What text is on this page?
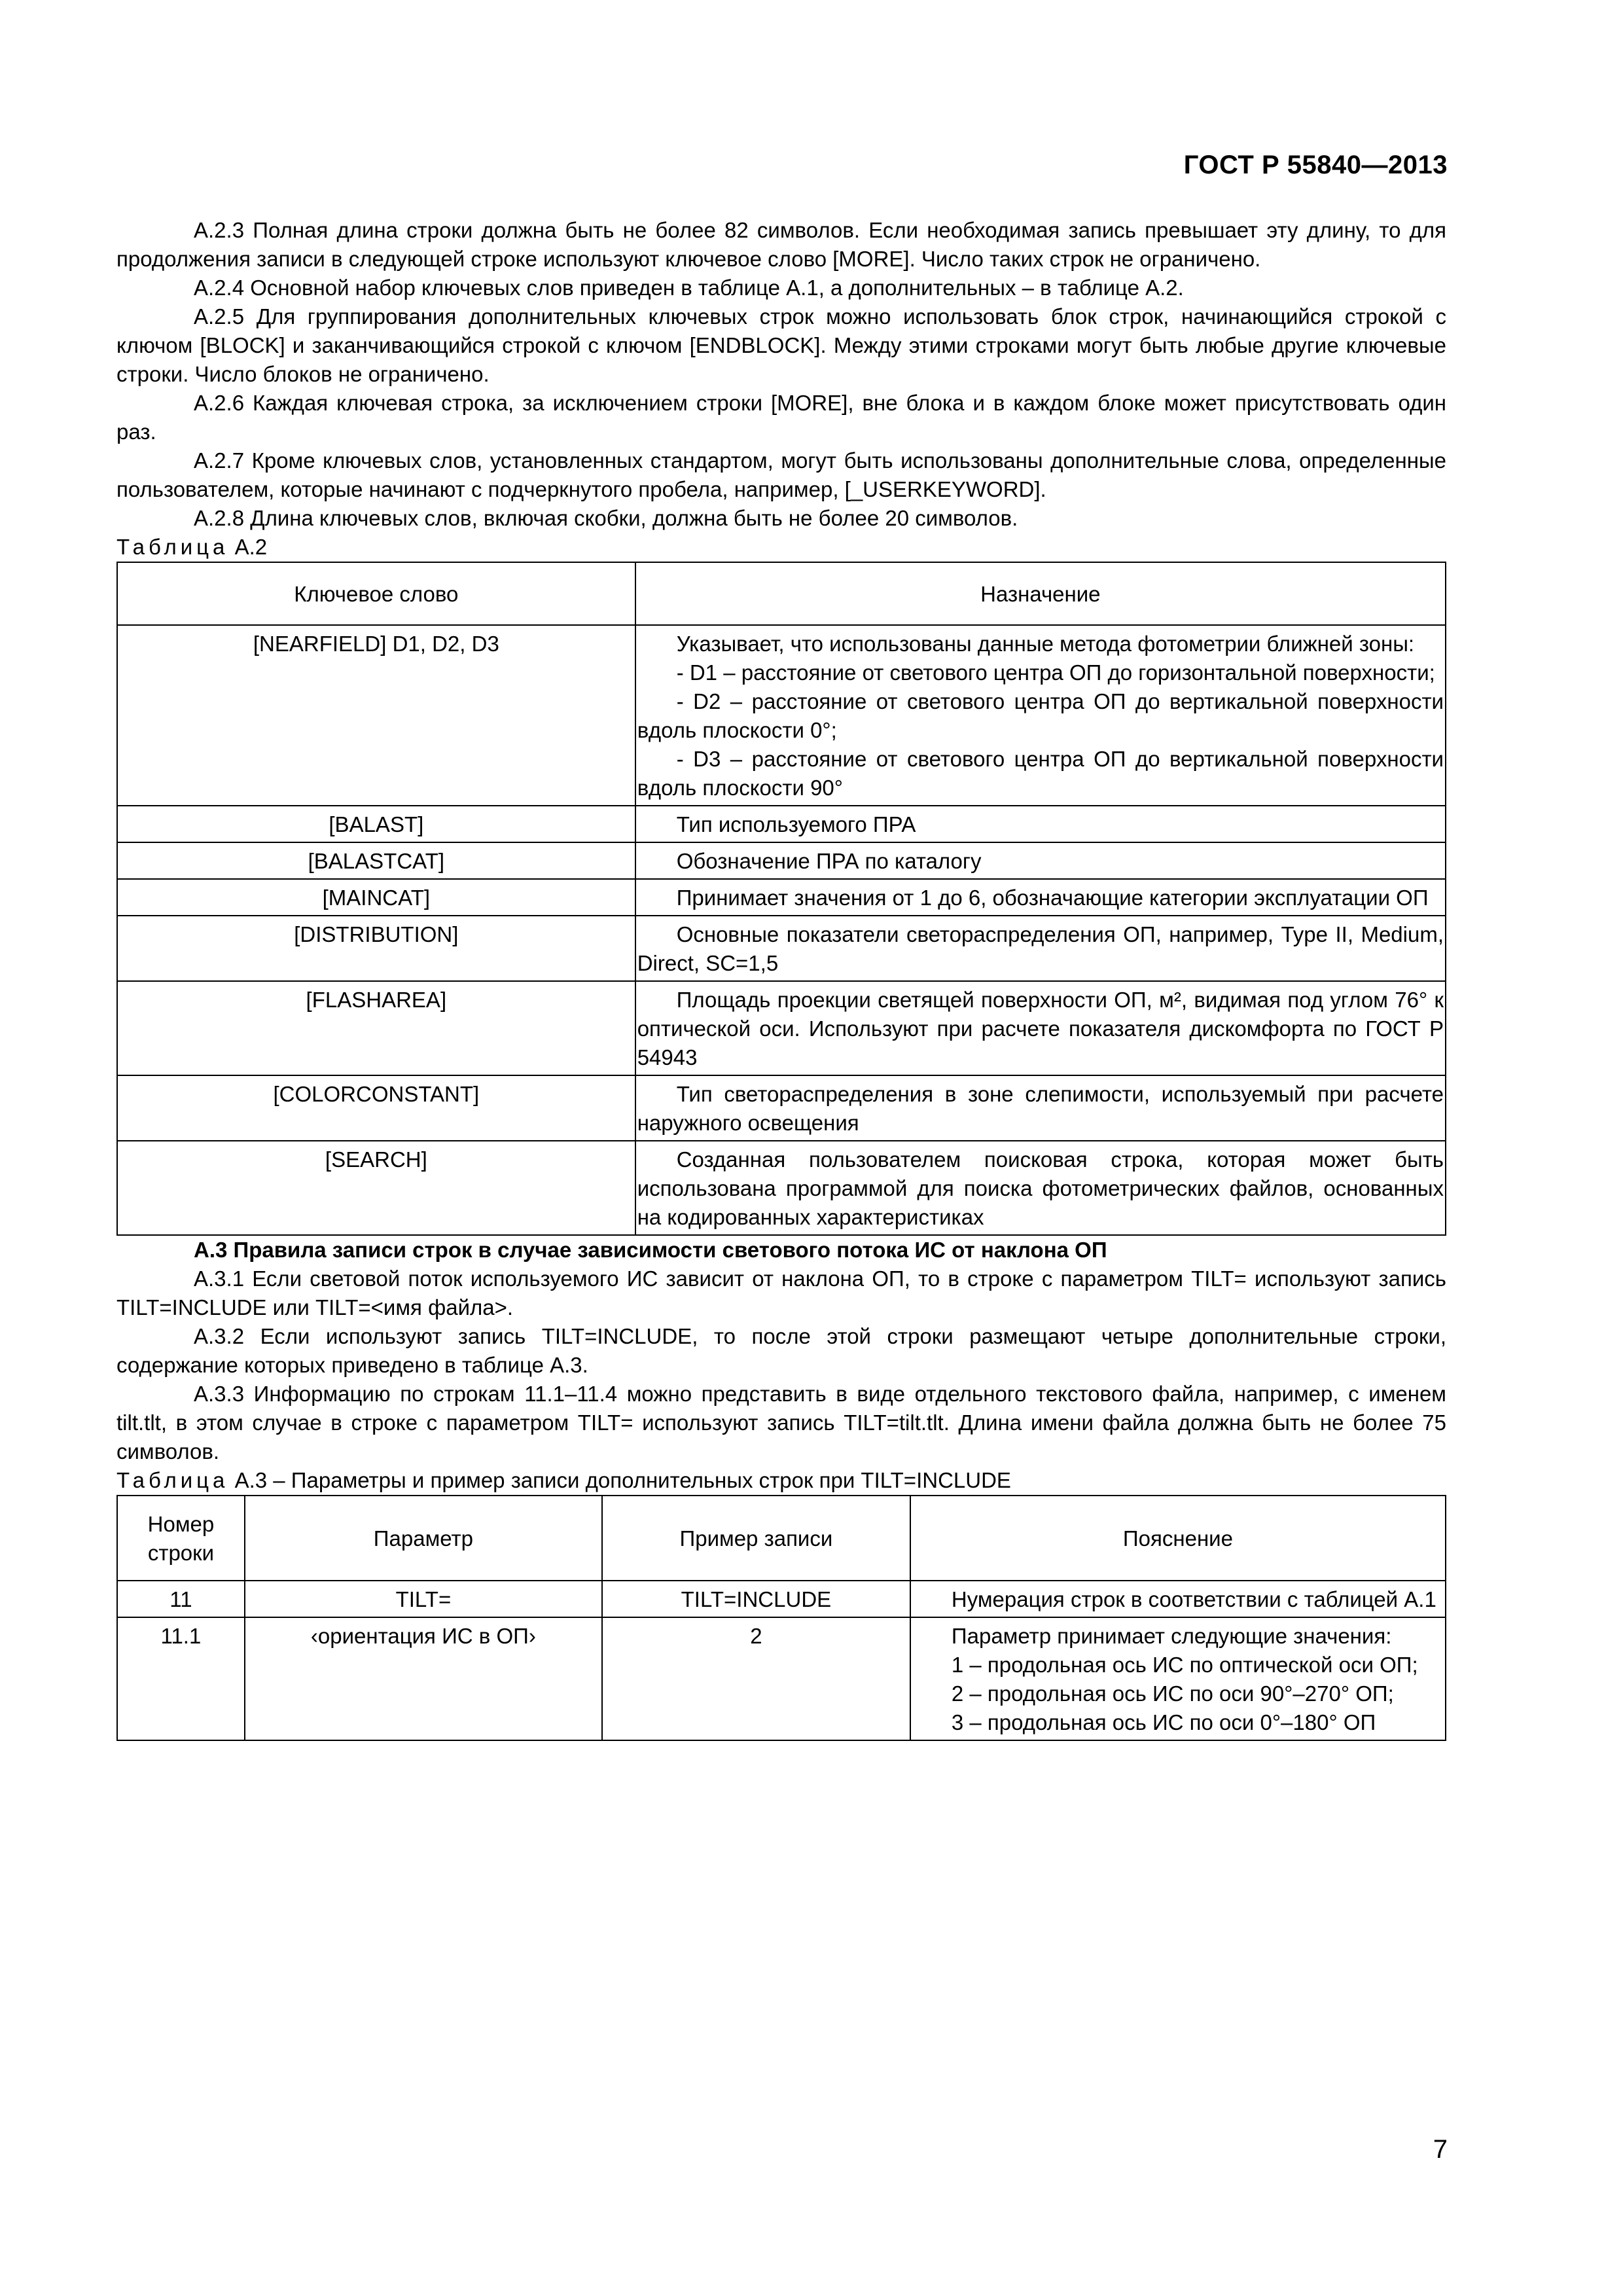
ГОСТ Р 55840—2013

А.2.3 Полная длина строки должна быть не более 82 символов. Если необходимая запись превышает эту длину, то для продолжения записи в следующей строке используют ключевое слово [MORE]. Число таких строк не ограничено.

А.2.4 Основной набор ключевых слов приведен в таблице А.1, а дополнительных – в таблице А.2.

А.2.5 Для группирования дополнительных ключевых строк можно использовать блок строк, начинающийся строкой с ключом [BLOCK] и заканчивающийся строкой с ключом [ENDBLOCK]. Между этими строками могут быть любые другие ключевые строки. Число блоков не ограничено.

А.2.6 Каждая ключевая строка, за исключением строки [MORE], вне блока и в каждом блоке может присутствовать один раз.

А.2.7 Кроме ключевых слов, установленных стандартом, могут быть использованы дополнительные слова, определенные пользователем, которые начинают с подчеркнутого пробела, например, [_USERKEYWORD].

А.2.8 Длина ключевых слов, включая скобки, должна быть не более 20 символов.

Таблица А.2

Ключевое слово	Назначение
[NEARFIELD] D1, D2, D3	Указывает, что использованы данные метода фотометрии ближней зоны:
- D1 – расстояние от светового центра ОП до горизонтальной поверхности;
- D2 – расстояние от светового центра ОП до вертикальной поверхности вдоль плоскости 0°;
- D3 – расстояние от светового центра ОП до вертикальной поверхности вдоль плоскости 90°

[BALAST]	Тип используемого ПРА

[BALASTCAT]	Обозначение ПРА по каталогу

[MAINCAT]	Принимает значения от 1 до 6, обозначающие категории эксплуатации ОП

[DISTRIBUTION]	Основные показатели светораспределения ОП, например, Type II, Medium, Direct, SC=1,5

[FLASHAREA]	Площадь проекции светящей поверхности ОП, м², видимая под углом 76° к оптической оси. Используют при расчете показателя дискомфорта по ГОСТ Р 54943

[COLORCONSTANT]	Тип светораспределения в зоне слепимости, используемый при расчете наружного освещения

[SEARCH]	Созданная пользователем поисковая строка, которая может быть использована программой для поиска фотометрических файлов, основанных на кодированных характеристиках

А.3 Правила записи строк в случае зависимости светового потока ИС от наклона ОП

А.3.1 Если световой поток используемого ИС зависит от наклона ОП, то в строке с параметром TILT= используют запись TILT=INCLUDE или TILT=<имя файла>.

А.3.2 Если используют запись TILT=INCLUDE, то после этой строки размещают четыре дополнительные строки, содержание которых приведено в таблице А.3.

А.3.3 Информацию по строкам 11.1–11.4 можно представить в виде отдельного текстового файла, например, с именем tilt.tlt, в этом случае в строке с параметром TILT= используют запись TILT=tilt.tlt. Длина имени файла должна быть не более 75 символов.

Таблица А.3 – Параметры и пример записи дополнительных строк при TILT=INCLUDE

Номер строки	Параметр	Пример записи	Пояснение
11	TILT=	TILT=INCLUDE	Нумерация строк в соответствии с таблицей А.1

11.1	‹ориентация ИС в ОП›	2	Параметр принимает следующие значения:
1 – продольная ось ИС по оптической оси ОП;
2 – продольная ось ИС по оси 90°–270° ОП;
3 – продольная ось ИС по оси 0°–180° ОП
7
